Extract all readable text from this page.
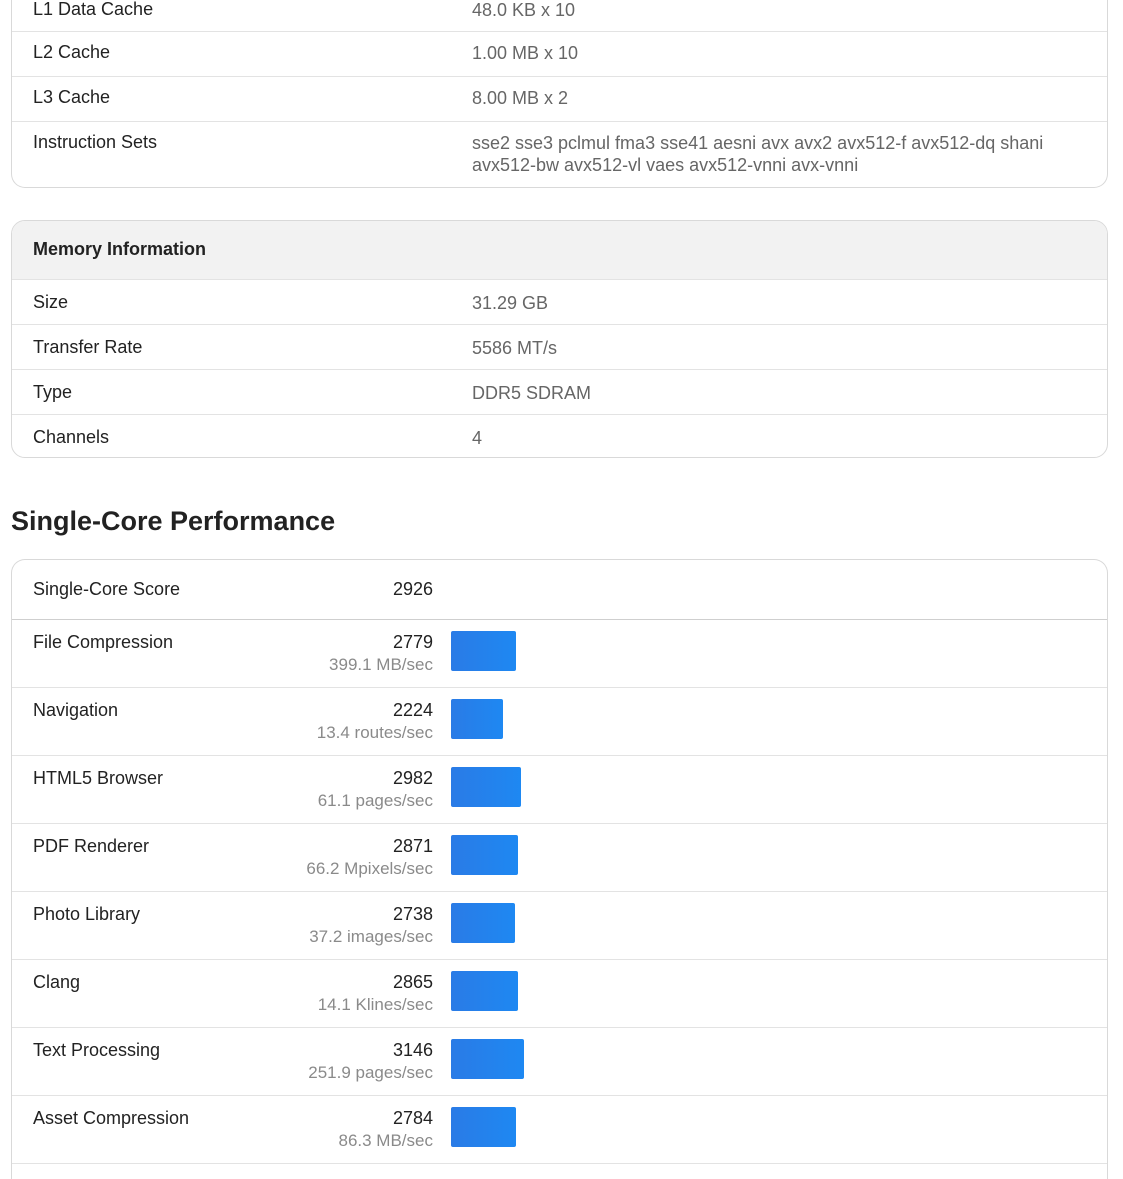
L1 Data Cache	48.0 KB x 10
L2 Cache	1.00 MB x 10
L3 Cache	8.00 MB x 2
Instruction Sets	sse2 sse3 pclmul fma3 sse41 aesni avx avx2 avx512-f avx512-dq shani avx512-bw avx512-vl vaes avx512-vnni avx-vnni
Memory Information
Size	31.29 GB
Transfer Rate	5586 MT/s
Type	DDR5 SDRAM
Channels	4
Single-Core Performance
Single-Core Score	2926
File Compression	2779
399.1 MB/sec
Navigation	2224
13.4 routes/sec
HTML5 Browser	2982
61.1 pages/sec
PDF Renderer	2871
66.2 Mpixels/sec
Photo Library	2738
37.2 images/sec
Clang	2865
14.1 Klines/sec
Text Processing	3146
251.9 pages/sec
Asset Compression	2784
86.3 MB/sec
